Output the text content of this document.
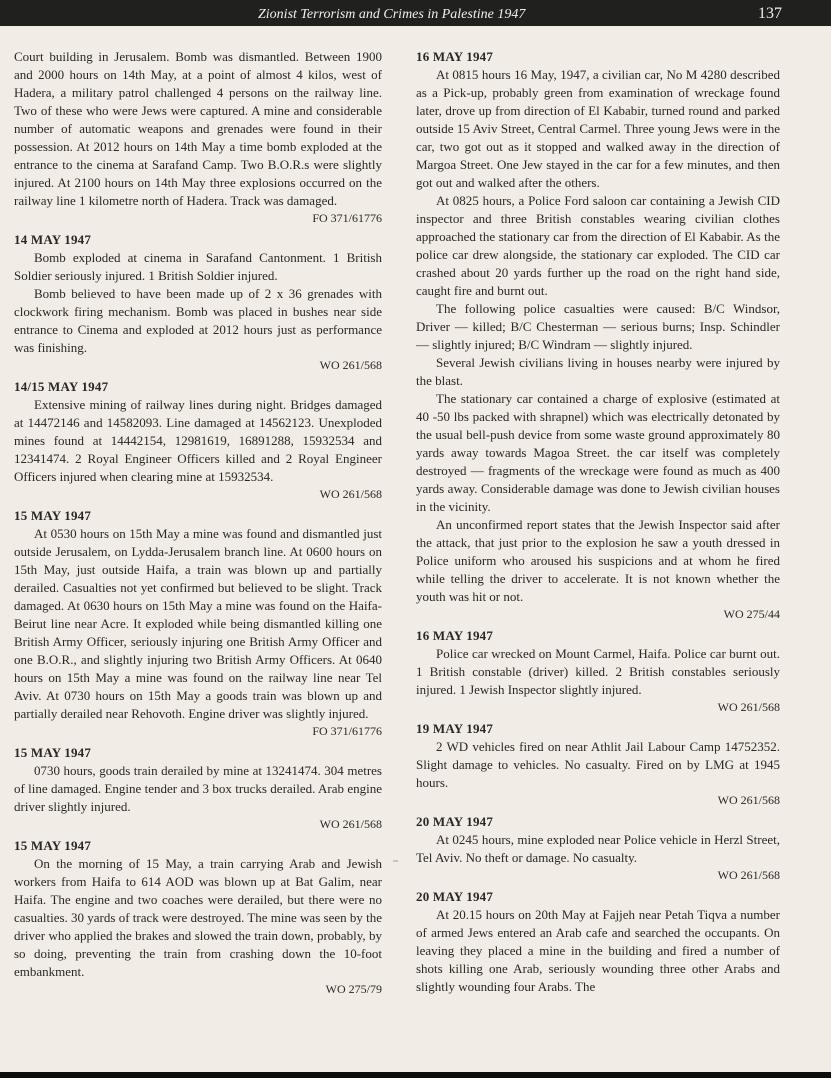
Zionist Terrorism and Crimes in Palestine 1947	137

Court building in Jerusalem. Bomb was dismantled. Between 1900 and 2000 hours on 14th May, at a point of almost 4 kilos, west of Hadera, a military patrol challenged 4 persons on the railway line. Two of these who were Jews were captured. A mine and considerable number of automatic weapons and grenades were found in their possession. At 2012 hours on 14th May a time bomb exploded at the entrance to the cinema at Sarafand Camp. Two B.O.R.s were slightly injured. At 2100 hours on 14th May three explosions occurred on the railway line 1 kilometre north of Hadera. Track was damaged.

FO 371/61776

14 MAY 1947

Bomb exploded at cinema in Sarafand Cantonment. 1 British Soldier seriously injured. 1 British Soldier injured.

Bomb believed to have been made up of 2 x 36 grenades with clockwork firing mechanism. Bomb was placed in bushes near side entrance to Cinema and exploded at 2012 hours just as performance was finishing.

WO 261/568

14/15 MAY 1947

Extensive mining of railway lines during night. Bridges damaged at 14472146 and 14582093. Line damaged at 14562123. Unexploded mines found at 14442154, 12981619, 16891288, 15932534 and 12341474. 2 Royal Engineer Officers killed and 2 Royal Engineer Officers injured when clearing mine at 15932534.

WO 261/568

15 MAY 1947

At 0530 hours on 15th May a mine was found and dismantled just outside Jerusalem, on Lydda-Jerusalem branch line. At 0600 hours on 15th May, just outside Haifa, a train was blown up and partially derailed. Casualties not yet confirmed but believed to be slight. Track damaged. At 0630 hours on 15th May a mine was found on the Haifa-Beirut line near Acre. It exploded while being dismantled killing one British Army Officer, seriously injuring one British Army Officer and one B.O.R., and slightly injuring two British Army Officers. At 0640 hours on 15th May a mine was found on the railway line near Tel Aviv. At 0730 hours on 15th May a goods train was blown up and partially derailed near Rehovoth. Engine driver was slightly injured.

FO 371/61776

15 MAY 1947

0730 hours, goods train derailed by mine at 13241474. 304 metres of line damaged. Engine tender and 3 box trucks derailed. Arab engine driver slightly injured.

WO 261/568

15 MAY 1947

On the morning of 15 May, a train carrying Arab and Jewish workers from Haifa to 614 AOD was blown up at Bat Galim, near Haifa. The engine and two coaches were derailed, but there were no casualties. 30 yards of track were destroyed. The mine was seen by the driver who applied the brakes and slowed the train down, probably, by so doing, preventing the train from crashing down the 10-foot embankment.

WO 275/79

16 MAY 1947

At 0815 hours 16 May, 1947, a civilian car, No M 4280 described as a Pick-up, probably green from examination of wreckage found later, drove up from direction of El Kababir, turned round and parked outside 15 Aviv Street, Central Carmel. Three young Jews were in the car, two got out as it stopped and walked away in the direction of Margoa Street. One Jew stayed in the car for a few minutes, and then got out and walked after the others.

At 0825 hours, a Police Ford saloon car containing a Jewish CID inspector and three British constables wearing civilian clothes approached the stationary car from the direction of El Kababir. As the police car drew alongside, the stationary car exploded. The CID car crashed about 20 yards further up the road on the right hand side, caught fire and burnt out.

The following police casualties were caused: B/C Windsor, Driver — killed; B/C Chesterman — serious burns; Insp. Schindler — slightly injured; B/C Windram — slightly injured.

Several Jewish civilians living in houses nearby were injured by the blast.

The stationary car contained a charge of explosive (estimated at 40 -50 lbs packed with shrapnel) which was electrically detonated by the usual bell-push device from some waste ground approximately 80 yards away towards Magoa Street. the car itself was completely destroyed — fragments of the wreckage were found as much as 400 yards away. Considerable damage was done to Jewish civilian houses in the vicinity.

An unconfirmed report states that the Jewish Inspector said after the attack, that just prior to the explosion he saw a youth dressed in Police uniform who aroused his suspicions and at whom he fired while telling the driver to accelerate. It is not known whether the youth was hit or not.

WO 275/44

16 MAY 1947

Police car wrecked on Mount Carmel, Haifa. Police car burnt out. 1 British constable (driver) killed. 2 British constables seriously injured. 1 Jewish Inspector slightly injured.

WO 261/568

19 MAY 1947

2 WD vehicles fired on near Athlit Jail Labour Camp 14752352. Slight damage to vehicles. No casualty. Fired on by LMG at 1945 hours.

WO 261/568

20 MAY 1947

At 0245 hours, mine exploded near Police vehicle in Herzl Street, Tel Aviv. No theft or damage. No casualty.

WO 261/568

20 MAY 1947

At 20.15 hours on 20th May at Fajjeh near Petah Tiqva a number of armed Jews entered an Arab cafe and searched the occupants. On leaving they placed a mine in the building and fired a number of shots killing one Arab, seriously wounding three other Arabs and slightly wounding four Arabs. The
